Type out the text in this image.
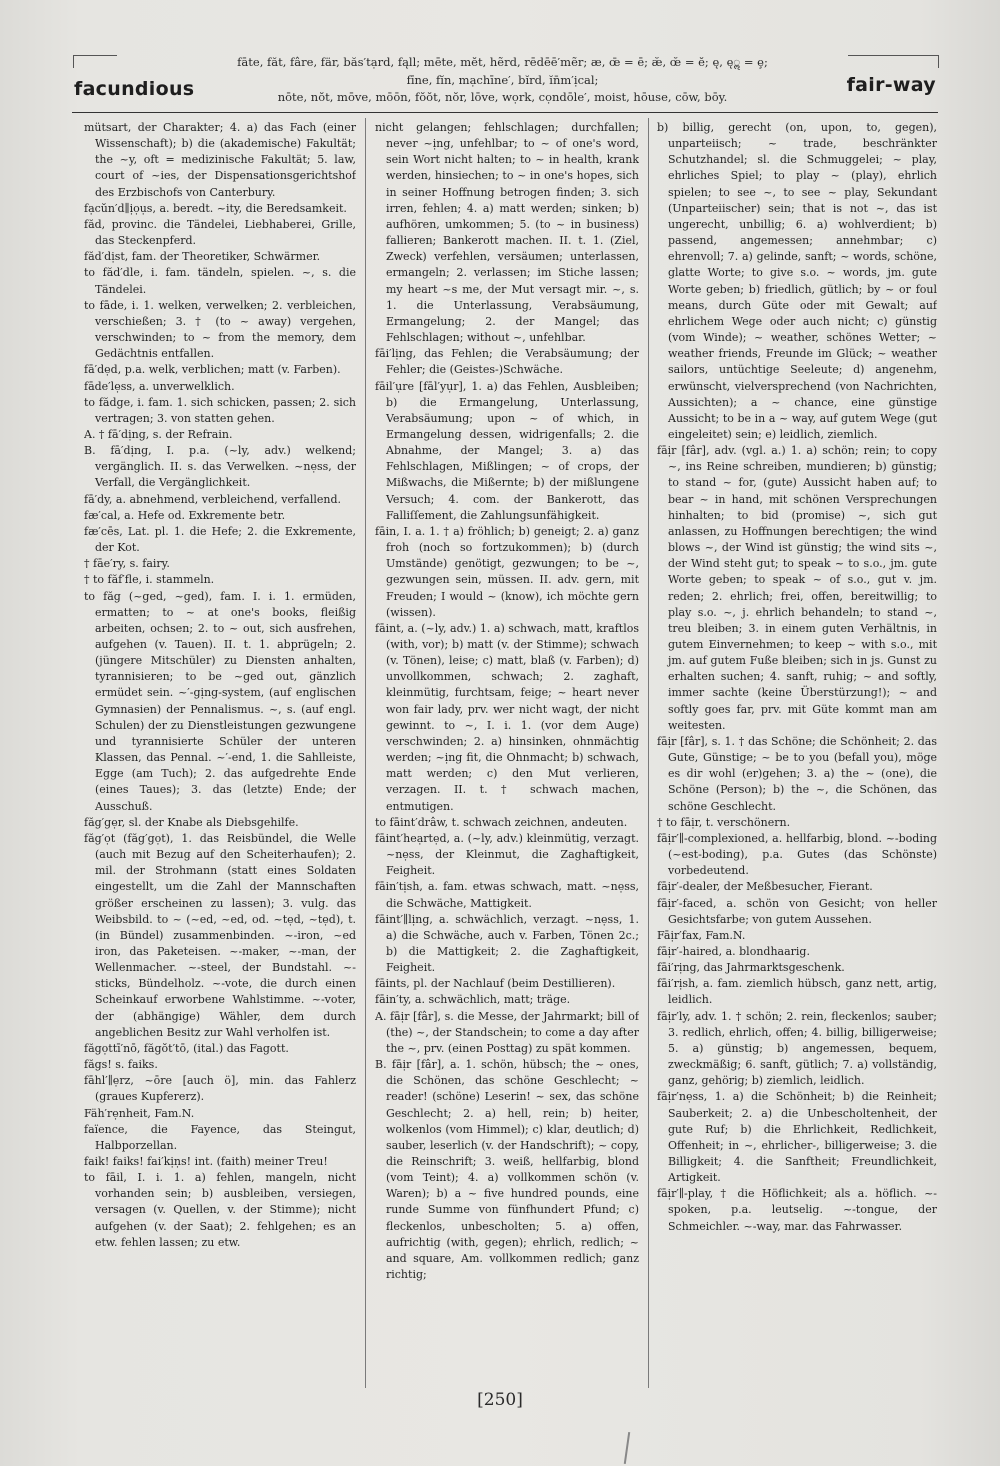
facundious	fair-way
fāte, făt, fâre, fär, băs′tạrd, fąll; mēte, mĕt, hẽrd, rēdēē′mẽr; æ, œ̄ = ē; æ̆, œ̆ = ĕ; ę, ęॢ = ȩ;
fīne, fĭn, mạchīne′, bĭrd, ĭn̄m′ịcal;
nōte, nŏt, mōve, mōōn, fŏŏt, nŏr, lōve, wọrk, cọndōle′, moist, hōuse, cōw, bōy.

mütsart, der Charakter; 4. a) das Fach (einer Wissenschaft); b) die (akademische) Fakultät; the ~y, oft = medizinische Fakultät; 5. law, court of ~ies, der Dispensationsgerichtshof des Erzbischofs von Canterbury.

fạcŭn′d∥ịọụs, a. beredt. ~ity, die Beredsamkeit.

făd, provinc. die Tändelei, Liebhaberei, Grille, das Steckenpferd.

făd′dịst, fam. der Theoretiker, Schwärmer.

to făd′dle, i. fam. tändeln, spielen. ~, s. die Tändelei.

to fāde, i. 1. welken, verwelken; 2. verbleichen, verschießen; 3. † (to ~ away) vergehen, verschwinden; to ~ from the memory, dem Gedächtnis entfallen.

fā′dẹd, p.a. welk, verblichen; matt (v. Farben).

fāde′lẹss, a. unverwelklich.

to fădge, i. fam. 1. sich schicken, passen; 2. sich vertragen; 3. von statten gehen.

A. † fā′dịng, s. der Refrain.

B. fā′dịng, I. p.a. (~ly, adv.) welkend; vergänglich. II. s. das Verwelken. ~nẹss, der Verfall, die Vergänglichkeit.

fā′dy, a. abnehmend, verbleichend, verfallend.

fæ′cal, a. Hefe od. Exkremente betr.

fæ′cēs, Lat. pl. 1. die Hefe; 2. die Exkremente, der Kot.

† fāe′ry, s. fairy.

† to făf′fle, i. stammeln.

to făg (~ged, ~ged), fam. I. i. 1. ermüden, ermatten; to ~ at one's books, fleißig arbeiten, ochsen; 2. to ~ out, sich ausfrehen, aufgehen (v. Tauen). II. t. 1. abprügeln; 2. (jüngere Mitschüler) zu Diensten anhalten, tyrannisieren; to be ~ged out, gänzlich ermüdet sein. ~′-gịng-system, (auf englischen Gymnasien) der Pennalismus. ~, s. (auf engl. Schulen) der zu Dienstleistungen gezwungene und tyrannisierte Schüler der unteren Klassen, das Pennal. ~′-end, 1. die Sahlleiste, Egge (am Tuch); 2. das aufgedrehte Ende (eines Taues); 3. das (letzte) Ende; der Ausschuß.

făg′gẹr, sl. der Knabe als Diebsgehilfe.

făg′ọt (făg′gọt), 1. das Reisbündel, die Welle (auch mit Bezug auf den Scheiterhaufen); 2. mil. der Strohmann (statt eines Soldaten eingestellt, um die Zahl der Mannschaften größer erscheinen zu lassen); 3. vulg. das Weibsbild. to ~ (~ed, ~ed, od. ~tẹd, ~tẹd), t. (in Bündel) zusammenbinden. ~-iron, ~ed iron, das Paketeisen. ~-maker, ~-man, der Wellenmacher. ~-steel, der Bundstahl. ~-sticks, Bündelholz. ~-vote, die durch einen Scheinkauf erworbene Wahlstimme. ~-voter, der (abhängige) Wähler, dem durch angeblichen Besitz zur Wahl verholfen ist.

făgọttī′nō, făgŏt′tō, (ital.) das Fagott.

făgs! s. faiks.

fāhl′∥ẹrz, ~ōre [auch ö], min. das Fahlerz (graues Kupfererz).

Fäh′rẹnheit, Fam.N.

faïence, die Fayence, das Steingut, Halbporzellan.

faik! faiks! fai′kịṇs! int. (faith) meiner Treu!

to fāil, I. i. 1. a) fehlen, mangeln, nicht vorhanden sein; b) ausbleiben, versiegen, versagen (v. Quellen, v. der Stimme); nicht aufgehen (v. der Saat); 2. fehlgehen; es an etw. fehlen lassen; zu etw.

nicht gelangen; fehlschlagen; durchfallen; never ~ịng, unfehlbar; to ~ of one's word, sein Wort nicht halten; to ~ in health, krank werden, hinsiechen; to ~ in one's hopes, sich in seiner Hoffnung betrogen finden; 3. sich irren, fehlen; 4. a) matt werden; sinken; b) aufhören, umkommen; 5. (to ~ in business) fallieren; Bankerott machen. II. t. 1. (Ziel, Zweck) verfehlen, versäumen; unterlassen, ermangeln; 2. verlassen; im Stiche lassen; my heart ~s me, der Mut versagt mir. ~, s. 1. die Unterlassung, Verabsäumung, Ermangelung; 2. der Mangel; das Fehlschlagen; without ~, unfehlbar.

fāi′lịng, das Fehlen; die Verabsäumung; der Fehler; die (Geistes-)Schwäche.

fāil′ụre [fāl′yụr], 1. a) das Fehlen, Ausbleiben; b) die Ermangelung, Unterlassung, Verabsäumung; upon ~ of which, in Ermangelung dessen, widrigenfalls; 2. die Abnahme, der Mangel; 3. a) das Fehlschlagen, Mißlingen; ~ of crops, der Mißwachs, die Mißernte; b) der mißlungene Versuch; 4. com. der Bankerott, das Falliſſement, die Zahlungsunfähigkeit.

fāin, I. a. 1. † a) fröhlich; b) geneigt; 2. a) ganz froh (noch so fortzukommen); b) (durch Umstände) genötigt, gezwungen; to be ~, gezwungen sein, müssen. II. adv. gern, mit Freuden; I would ~ (know), ich möchte gern (wissen).

fāint, a. (~ly, adv.) 1. a) schwach, matt, kraftlos (with, vor); b) matt (v. der Stimme); schwach (v. Tönen), leise; c) matt, blaß (v. Farben); d) unvollkommen, schwach; 2. zaghaft, kleinmütig, furchtsam, feige; ~ heart never won fair lady, prv. wer nicht wagt, der nicht gewinnt. to ~, I. i. 1. (vor dem Auge) verschwinden; 2. a) hinsinken, ohnmächtig werden; ~ịng fit, die Ohnmacht; b) schwach, matt werden; c) den Mut verlieren, verzagen. II. t. † schwach machen, entmutigen.

to fāint′drâw, t. schwach zeichnen, andeuten.

fāint′heạrtẹd, a. (~ly, adv.) kleinmütig, verzagt. ~nẹss, der Kleinmut, die Zaghaftigkeit, Feigheit.

fāin′tịsh, a. fam. etwas schwach, matt. ~nẹss, die Schwäche, Mattigkeit.

fāint′∥lịng, a. schwächlich, verzagt. ~nẹss, 1. a) die Schwäche, auch v. Farben, Tönen 2c.; b) die Mattigkeit; 2. die Zaghaftigkeit, Feigheit.

fāints, pl. der Nachlauf (beim Destillieren).

fāin′ty, a. schwächlich, matt; träge.

A. fāịr [fâr], s. die Messe, der Jahrmarkt; bill of (the) ~, der Standschein; to come a day after the ~, prv. (einen Posttag) zu spät kommen.

B. fāịr [fâr], a. 1. schön, hübsch; the ~ ones, die Schönen, das schöne Geschlecht; ~ reader! (schöne) Leserin! ~ sex, das schöne Geschlecht; 2. a) hell, rein; b) heiter, wolkenlos (vom Himmel); c) klar, deutlich; d) sauber, leserlich (v. der Handschrift); ~ copy, die Reinschrift; 3. weiß, hellfarbig, blond (vom Teint); 4. a) vollkommen schön (v. Waren); b) a ~ five hundred pounds, eine runde Summe von fünfhundert Pfund; c) fleckenlos, unbescholten; 5. a) offen, aufrichtig (with, gegen); ehrlich, redlich; ~ and square, Am. vollkommen redlich; ganz richtig;

b) billig, gerecht (on, upon, to, gegen), unparteiisch; ~ trade, beschränkter Schutzhandel; sl. die Schmuggelei; ~ play, ehrliches Spiel; to play ~ (play), ehrlich spielen; to see ~, to see ~ play, Sekundant (Unparteiischer) sein; that is not ~, das ist ungerecht, unbillig; 6. a) wohlverdient; b) passend, angemessen; annehmbar; c) ehrenvoll; 7. a) gelinde, sanft; ~ words, schöne, glatte Worte; to give s.o. ~ words, jm. gute Worte geben; b) friedlich, gütlich; by ~ or foul means, durch Güte oder mit Gewalt; auf ehrlichem Wege oder auch nicht; c) günstig (vom Winde); ~ weather, schönes Wetter; ~ weather friends, Freunde im Glück; ~ weather sailors, untüchtige Seeleute; d) angenehm, erwünscht, vielversprechend (von Nachrichten, Aussichten); a ~ chance, eine günstige Aussicht; to be in a ~ way, auf gutem Wege (gut eingeleitet) sein; e) leidlich, ziemlich.

fāịr [fâr], adv. (vgl. a.) 1. a) schön; rein; to copy ~, ins Reine schreiben, mundieren; b) günstig; to stand ~ for, (gute) Aussicht haben auf; to bear ~ in hand, mit schönen Versprechungen hinhalten; to bid (promise) ~, sich gut anlassen, zu Hoffnungen berechtigen; the wind blows ~, der Wind ist günstig; the wind sits ~, der Wind steht gut; to speak ~ to s.o., jm. gute Worte geben; to speak ~ of s.o., gut v. jm. reden; 2. ehrlich; frei, offen, bereitwillig; to play s.o. ~, j. ehrlich behandeln; to stand ~, treu bleiben; 3. in einem guten Verhältnis, in gutem Einvernehmen; to keep ~ with s.o., mit jm. auf gutem Fuße bleiben; sich in js. Gunst zu erhalten suchen; 4. sanft, ruhig; ~ and softly, immer sachte (keine Überstürzung!); ~ and softly goes far, prv. mit Güte kommt man am weitesten.

fāịr [fâr], s. 1. † das Schöne; die Schönheit; 2. das Gute, Günstige; ~ be to you (befall you), möge es dir wohl (er)gehen; 3. a) the ~ (one), die Schöne (Person); b) the ~, die Schönen, das schöne Geschlecht.

† to fāịr, t. verschönern.

fāịr′∥-complexioned, a. hellfarbig, blond. ~-boding (~est-boding), p.a. Gutes (das Schönste) vorbedeutend.

fāịr′-dealer, der Meßbesucher, Fierant.

fāịr′-faced, a. schön von Gesicht; von heller Gesichtsfarbe; von gutem Aussehen.

Fāịr′fax, Fam.N.

fāịr′-haired, a. blondhaarig.

fāi′rịng, das Jahrmarktsgeschenk.

fāi′rịsh, a. fam. ziemlich hübsch, ganz nett, artig, leidlich.

fāịr′ly, adv. 1. † schön; 2. rein, fleckenlos; sauber; 3. redlich, ehrlich, offen; 4. billig, billigerweise; 5. a) günstig; b) angemessen, bequem, zweckmäßig; 6. sanft, gütlich; 7. a) vollständig, ganz, gehörig; b) ziemlich, leidlich.

fāịr′nẹss, 1. a) die Schönheit; b) die Reinheit; Sauberkeit; 2. a) die Unbescholtenheit, der gute Ruf; b) die Ehrlichkeit, Redlichkeit, Offenheit; in ~, ehrlicher-, billigerweise; 3. die Billigkeit; 4. die Sanftheit; Freundlichkeit, Artigkeit.

fāịr′∥-play, † die Höflichkeit; als a. höflich. ~-spoken, p.a. leutselig. ~-tongue, der Schmeichler. ~-way, mar. das Fahrwasser.

[250]
